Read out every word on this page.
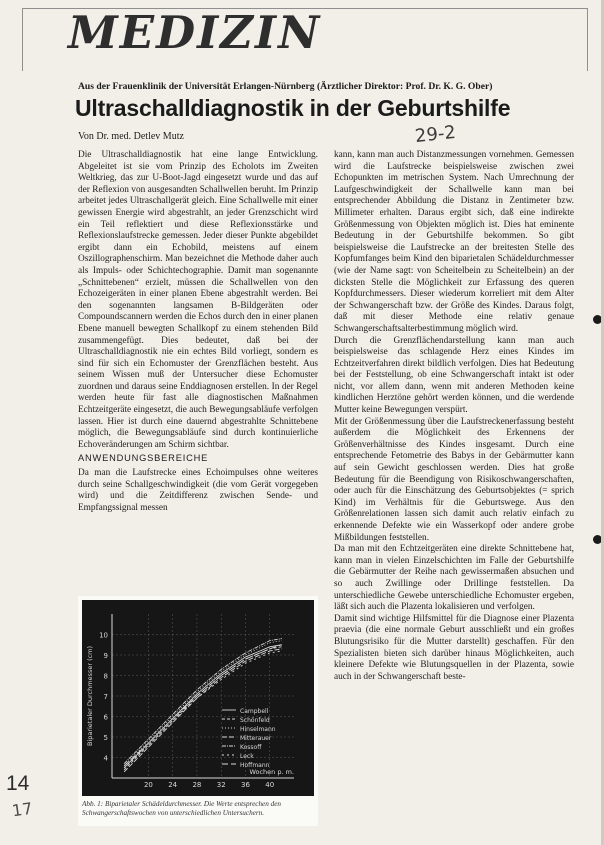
MEDIZIN
Aus der Frauenklinik der Universität Erlangen-Nürnberg (Ärztlicher Direktor: Prof. Dr. K. G. Ober)
Ultraschalldiagnostik in der Geburtshilfe
Von Dr. med. Detlev Mutz	29-2

Die Ultraschalldiagnostik hat eine lange Entwicklung. Abgeleitet ist sie vom Prinzip des Echolots im Zweiten Weltkrieg, das zur U-Boot-Jagd eingesetzt wurde und das auf der Reflexion von ausgesandten Schallwellen beruht. Im Prinzip arbeitet jedes Ultraschallgerät gleich. Eine Schallwelle mit einer gewissen Energie wird abgestrahlt, an jeder Grenzschicht wird ein Teil reflektiert und diese Reflexionsstärke und Reflexionslaufstrecke gemessen. Jeder dieser Punkte abgebildet ergibt dann ein Echobild, meistens auf einem Oszillographenschirm. Man bezeichnet die Methode daher auch als Impuls- oder Schichtechographie. Damit man sogenannte „Schnittebenen“ erzielt, müssen die Schallwellen von den Echozeigeräten in einer planen Ebene abgestrahlt werden. Bei den sogenannten langsamen B-Bildgeräten oder Compoundscannern werden die Echos durch den in einer planen Ebene manuell bewegten Schallkopf zu einem stehenden Bild zusammengefügt. Dies bedeutet, daß bei der Ultraschalldiagnostik nie ein echtes Bild vorliegt, sondern es sind für sich ein Echomuster der Grenzflächen besteht. Aus seinem Wissen muß der Untersucher diese Echomuster zuordnen und daraus seine Enddiagnosen erstellen. In der Regel werden heute für fast alle diagnostischen Maßnahmen Echtzeitgeräte eingesetzt, die auch Bewegungsabläufe verfolgen lassen. Hier ist durch eine dauernd abgestrahlte Schnittebene möglich, die Bewegungsabläufe sind durch kontinuierliche Echoveränderungen am Schirm sichtbar.

ANWENDUNGSBEREICHE

Da man die Laufstrecke eines Echoimpulses ohne weiteres durch seine Schallgeschwindigkeit (die vom Gerät vorgegeben wird) und die Zeitdifferenz zwischen Sende- und Empfangssignal messen

kann, kann man auch Distanzmessungen vornehmen. Gemessen wird die Laufstrecke beispielsweise zwischen zwei Echopunkten im metrischen System. Nach Umrechnung der Laufgeschwindigkeit der Schallwelle kann man bei entsprechender Abbildung die Distanz in Zentimeter bzw. Millimeter erhalten. Daraus ergibt sich, daß eine indirekte Größenmessung von Objekten möglich ist. Dies hat eminente Bedeutung in der Geburtshilfe bekommen. So gibt beispielsweise die Laufstrecke an der breitesten Stelle des Kopfumfanges beim Kind den biparietalen Schädeldurchmesser (wie der Name sagt: von Scheitelbein zu Scheitelbein) an der dicksten Stelle die Möglichkeit zur Erfassung des queren Kopfdurchmessers. Dieser wiederum korreliert mit dem Alter der Schwangerschaft bzw. der Größe des Kindes. Daraus folgt, daß mit dieser Methode eine relativ genaue Schwangerschaftsalterbestimmung möglich wird.

Durch die Grenzflächendarstellung kann man auch beispielsweise das schlagende Herz eines Kindes im Echtzeitverfahren direkt bildlich verfolgen. Dies hat Bedeutung bei der Feststellung, ob eine Schwangerschaft intakt ist oder nicht, vor allem dann, wenn mit anderen Methoden keine kindlichen Herztöne gehört werden können, und die werdende Mutter keine Bewegungen verspürt.

Mit der Größenmessung über die Laufstreckenerfassung besteht außerdem die Möglichkeit des Erkennens der Größenverhältnisse des Kindes insgesamt. Durch eine entsprechende Fetometrie des Babys in der Gebärmutter kann auf sein Gewicht geschlossen werden. Dies hat große Bedeutung für die Beendigung von Risikoschwangerschaften, oder auch für die Einschätzung des Geburtsobjektes (= sprich Kind) im Verhältnis für die Geburtswege. Aus den Größenrelationen lassen sich damit auch relativ einfach zu erkennende Defekte wie ein Wasserkopf oder andere grobe Mißbildungen feststellen.

Da man mit den Echtzeitgeräten eine direkte Schnittebene hat, kann man in vielen Einzelschichten im Falle der Geburtshilfe die Gebärmutter der Reihe nach gewissermaßen absuchen und so auch Zwillinge oder Drillinge feststellen. Da unterschiedliche Gewebe unterschiedliche Echomuster ergeben, läßt sich auch die Plazenta lokalisieren und verfolgen.

Damit sind wichtige Hilfsmittel für die Diagnose einer Plazenta praevia (die eine normale Geburt ausschließt und ein großes Blutungsrisiko für die Mutter darstellt) geschaffen. Für den Spezialisten bieten sich darüber hinaus Möglichkeiten, auch kleinere Defekte wie Blutungsquellen in der Plazenta, sowie auch in der Schwangerschaft beste-

10
9
8
7
6
5
4
20 24 28 32 36 40
Biparietaler Durchmesser (cm)
Wochen p. m.
Campbell
Schönfeld
Hinselmann
Mitterauer
Kossoff
Leck
Hoffmann
Abb. 1: Biparietaler Schädeldurchmesser. Die Werte entsprechen den Schwangerschaftswochen von unterschiedlichen Untersuchern.
14
17
